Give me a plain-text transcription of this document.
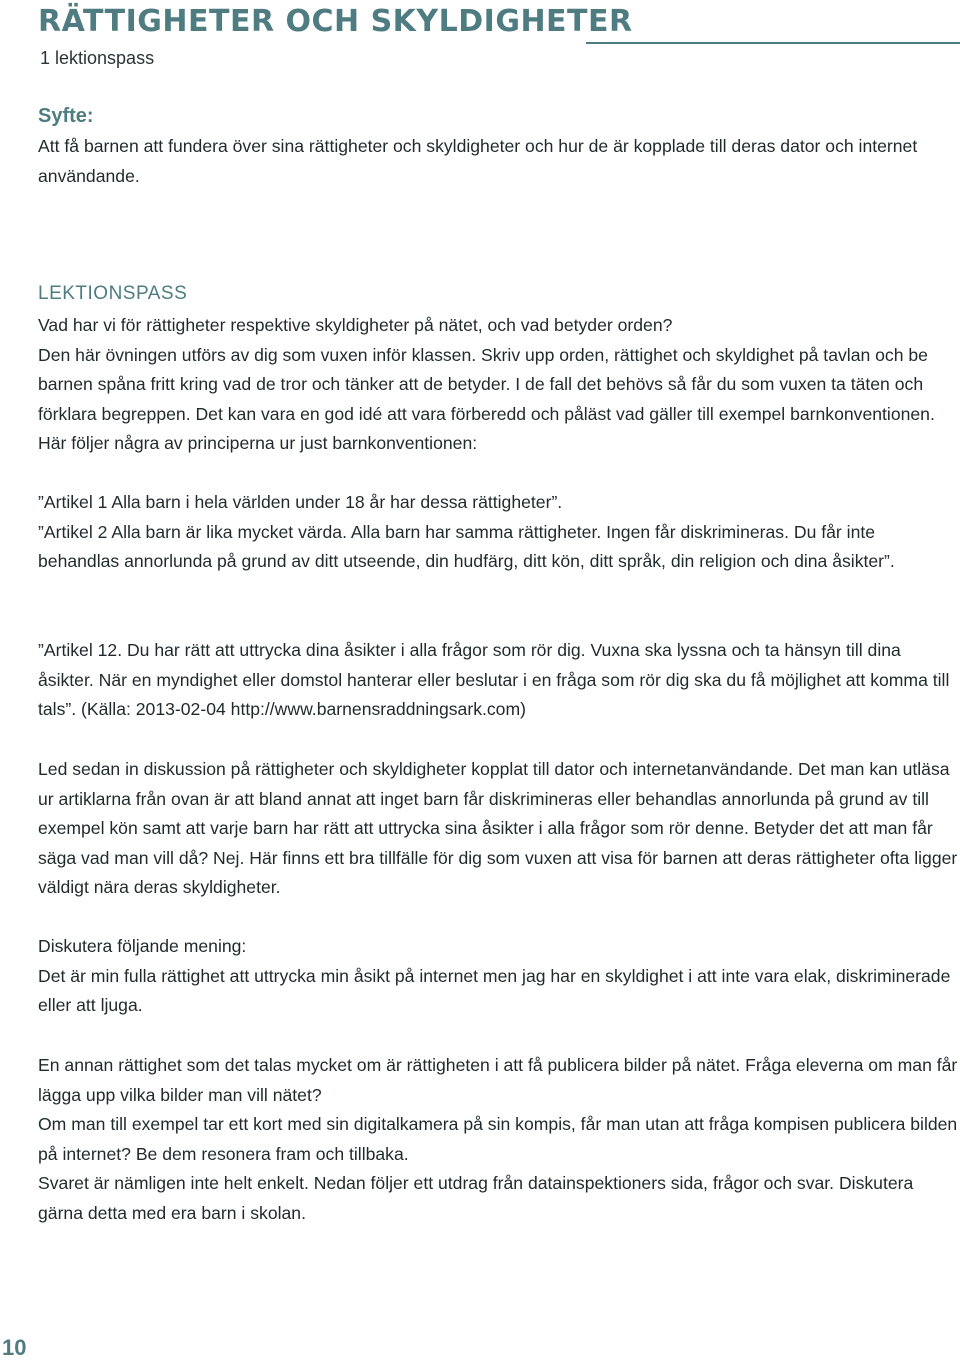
RÄTTIGHETER OCH SKYLDIGHETER
1 lektionspass
Syfte:

Att få barnen att fundera över sina rättigheter och skyldigheter och hur de är kopplade till deras dator och internet användande.

LEKTIONSPASS

Vad har vi för rättigheter respektive skyldigheter på nätet, och vad betyder orden?

Den här övningen utförs av dig som vuxen inför klassen. Skriv upp orden, rättighet och skyldighet på tavlan och be barnen spåna fritt kring vad de tror och tänker att de betyder. I de fall det behövs så får du som vuxen ta täten och förklara begreppen. Det kan vara en god idé att vara förberedd och påläst vad gäller till exempel barnkonventionen. Här följer några av principerna ur just barnkonventionen:

”Artikel 1 Alla barn i hela världen under 18 år har dessa rättigheter”.

”Artikel 2 Alla barn är lika mycket värda. Alla barn har samma rättigheter. Ingen får diskrimineras. Du får inte behandlas annorlunda på grund av ditt utseende, din hudfärg, ditt kön, ditt språk, din religion och dina åsikter”.

”Artikel 12. Du har rätt att uttrycka dina åsikter i alla frågor som rör dig. Vuxna ska lyssna och ta hänsyn till dina åsikter. När en myndighet eller domstol hanterar eller beslutar i en fråga som rör dig ska du få möjlighet att komma till tals”. (Källa: 2013-02-04 http://www.barnensraddningsark.com)

Led sedan in diskussion på rättigheter och skyldigheter kopplat till dator och internetanvändande. Det man kan utläsa ur artiklarna från ovan är att bland annat att inget barn får diskrimineras eller behandlas annorlunda på grund av till exempel kön samt att varje barn har rätt att uttrycka sina åsikter i alla frågor som rör denne. Betyder det att man får säga vad man vill då? Nej. Här finns ett bra tillfälle för dig som vuxen att visa för barnen att deras rättigheter ofta ligger väldigt nära deras skyldigheter.

Diskutera följande mening:

Det är min fulla rättighet att uttrycka min åsikt på internet men jag har en skyldighet i att inte vara elak, diskriminerade eller att ljuga.

En annan rättighet som det talas mycket om är rättigheten i att få publicera bilder på nätet. Fråga eleverna om man får lägga upp vilka bilder man vill nätet?

Om man till exempel tar ett kort med sin digitalkamera på sin kompis, får man utan att fråga kompisen publicera bilden på internet? Be dem resonera fram och tillbaka.

Svaret är nämligen inte helt enkelt. Nedan följer ett utdrag från datainspektioners sida, frågor och svar. Diskutera gärna detta med era barn i skolan.

10
